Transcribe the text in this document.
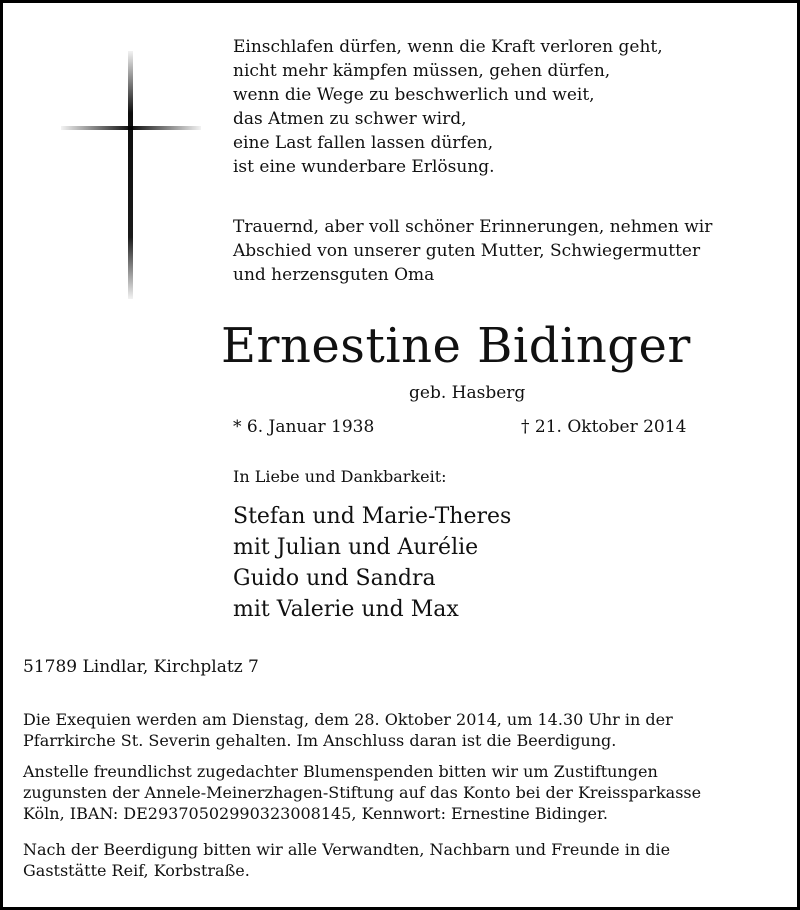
Einschlafen dürfen, wenn die Kraft verloren geht,
nicht mehr kämpfen müssen, gehen dürfen,
wenn die Wege zu beschwerlich und weit,
das Atmen zu schwer wird,
eine Last fallen lassen dürfen,
ist eine wunderbare Erlösung.
Trauernd, aber voll schöner Erinnerungen, nehmen wir
Abschied von unserer guten Mutter, Schwiegermutter
und herzensguten Oma
Ernestine Bidinger
geb. Hasberg
* 6. Januar 1938	† 21. Oktober 2014
In Liebe und Dankbarkeit:
Stefan und Marie-Theres
mit Julian und Aurélie
Guido und Sandra
mit Valerie und Max
51789 Lindlar, Kirchplatz 7
Die Exequien werden am Dienstag, dem 28. Oktober 2014, um 14.30 Uhr in der
Pfarrkirche St. Severin gehalten. Im Anschluss daran ist die Beerdigung.
Anstelle freundlichst zugedachter Blumenspenden bitten wir um Zustiftungen
zugunsten der Annele-Meinerzhagen-Stiftung auf das Konto bei der Kreissparkasse
Köln, IBAN: DE29370502990323008145, Kennwort: Ernestine Bidinger.
Nach der Beerdigung bitten wir alle Verwandten, Nachbarn und Freunde in die
Gaststätte Reif, Korbstraße.
